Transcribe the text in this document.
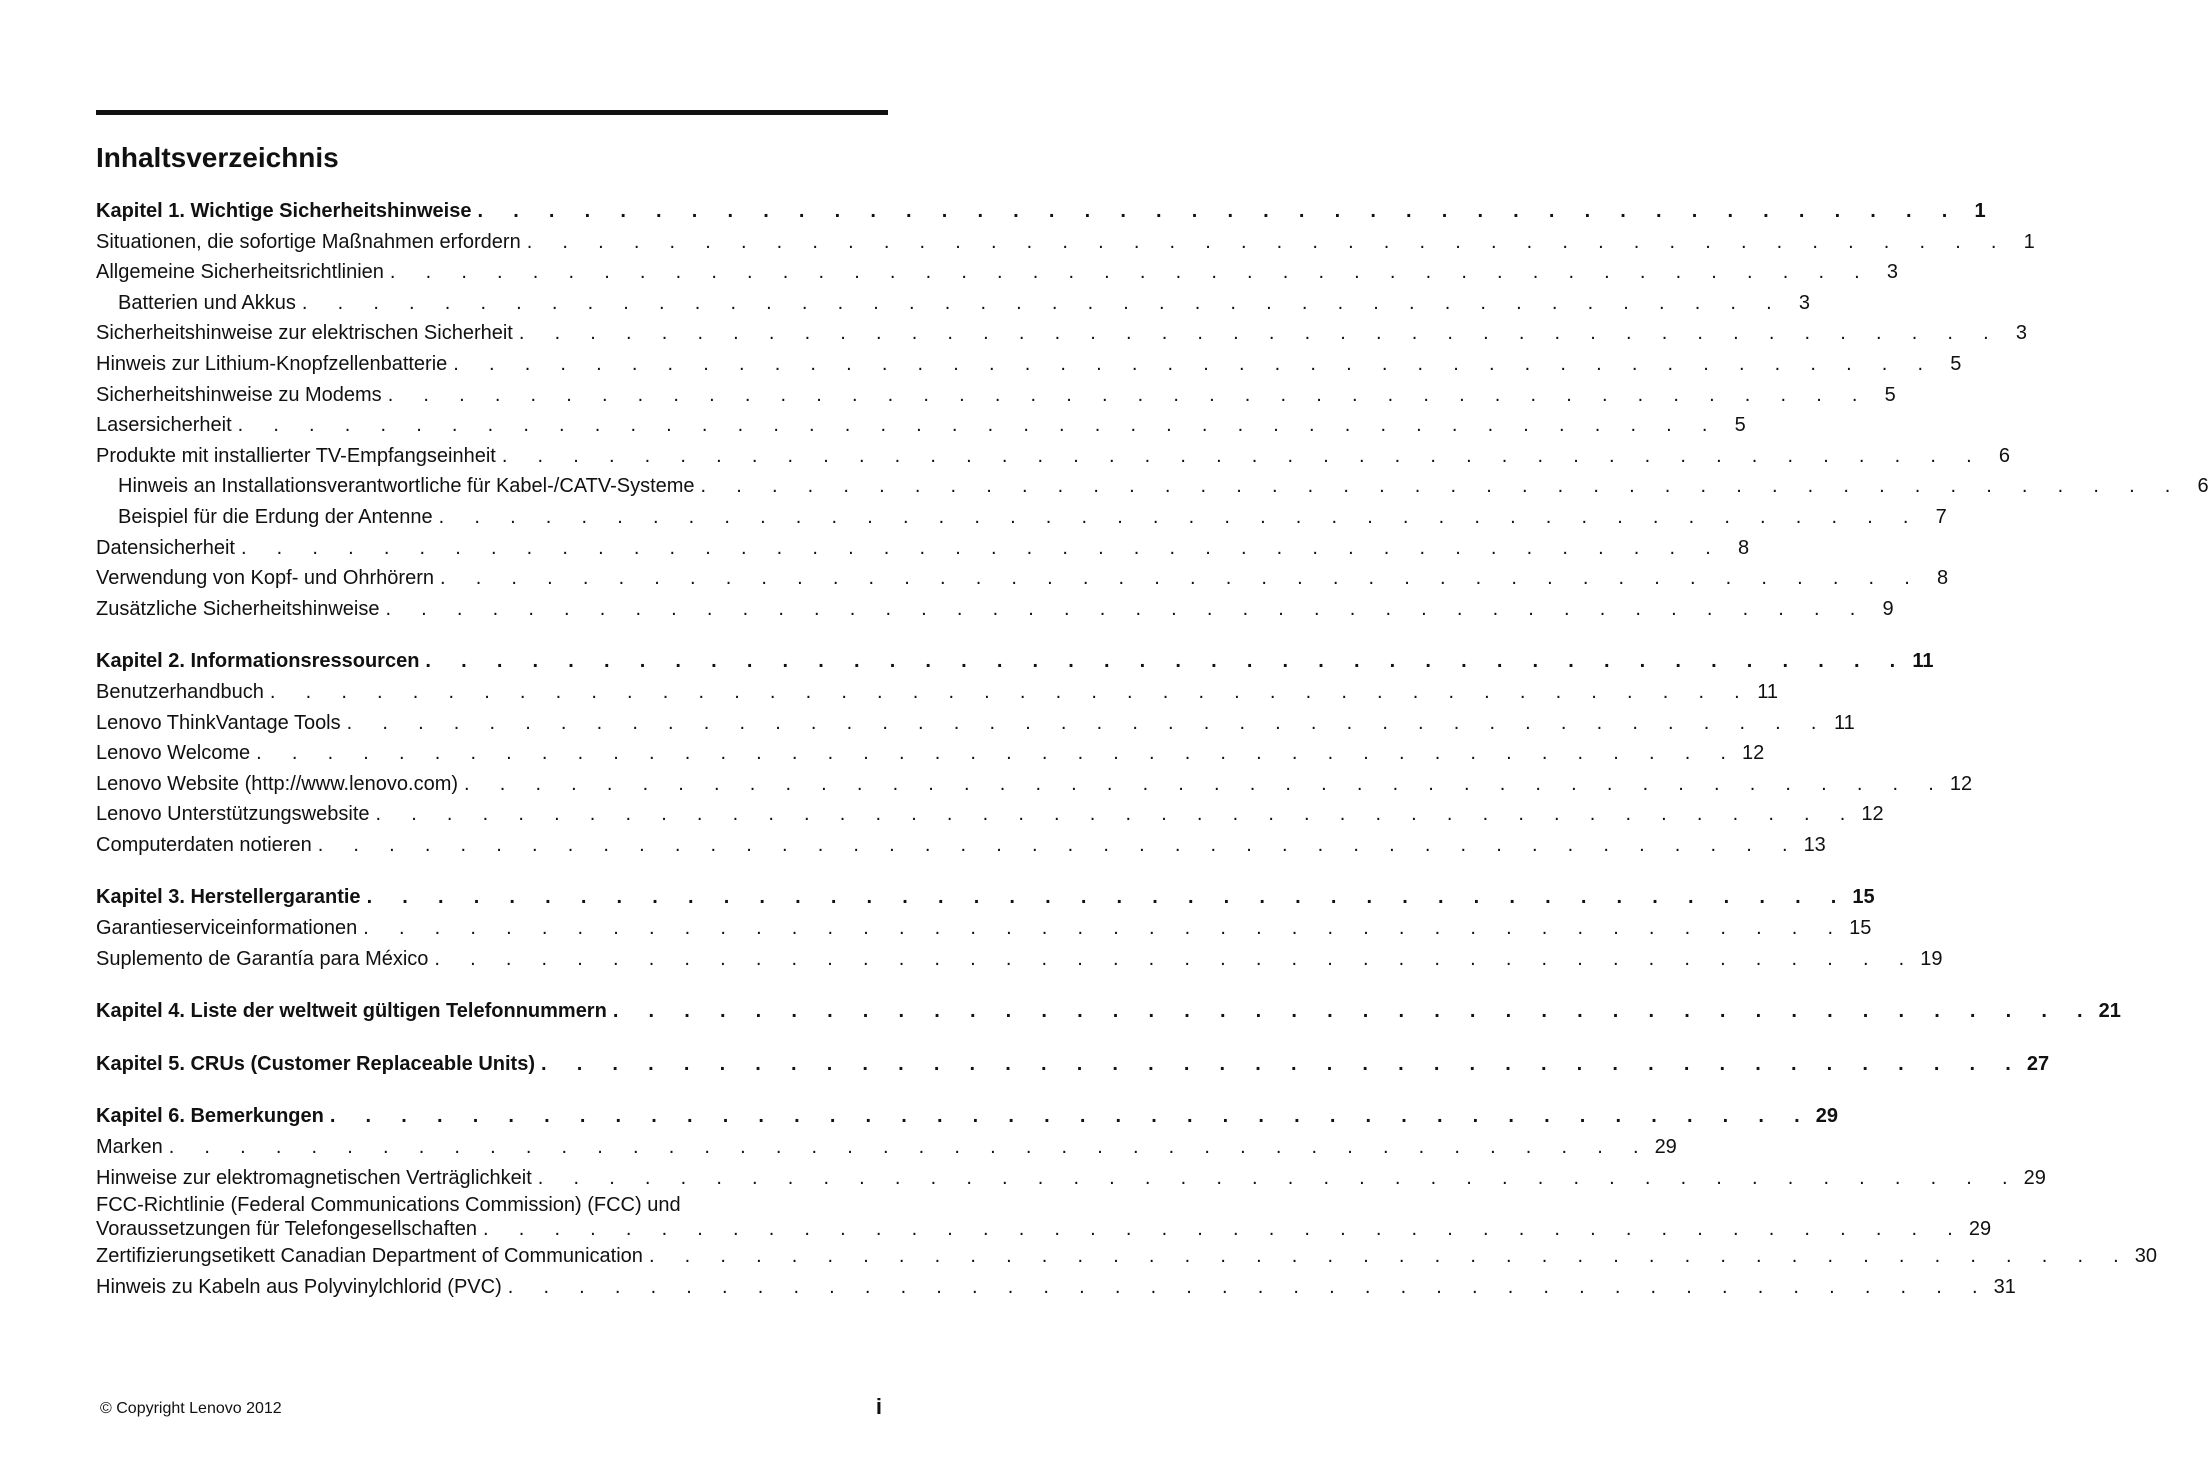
Inhaltsverzeichnis
Kapitel 1. Wichtige Sicherheitshinweise . . . . . . . . . . . . . . . . . . . . . . . . . . . . . . . . . . . . . . . . . . 1
Situationen, die sofortige Maßnahmen erfordern . . . . . . . . . . . . . . . . . . . . . . . . . . . . . . . . . . . . . . . . . . 1
Allgemeine Sicherheitsrichtlinien . . . . . . . . . . . . . . . . . . . . . . . . . . . . . . . . . . . . . . . . . . 3
Batterien und Akkus . . . . . . . . . . . . . . . . . . . . . . . . . . . . . . . . . . . . . . . . . . 3
Sicherheitshinweise zur elektrischen Sicherheit . . . . . . . . . . . . . . . . . . . . . . . . . . . . . . . . . . . . . . . . . . 3
Hinweis zur Lithium-Knopfzellenbatterie . . . . . . . . . . . . . . . . . . . . . . . . . . . . . . . . . . . . . . . . . . 5
Sicherheitshinweise zu Modems . . . . . . . . . . . . . . . . . . . . . . . . . . . . . . . . . . . . . . . . . . 5
Lasersicherheit . . . . . . . . . . . . . . . . . . . . . . . . . . . . . . . . . . . . . . . . . . 5
Produkte mit installierter TV-Empfangseinheit . . . . . . . . . . . . . . . . . . . . . . . . . . . . . . . . . . . . . . . . . . 6
Hinweis an Installationsverantwortliche für Kabel-/CATV-Systeme . . . . . . . . . . . . . . . . . . . . . . . . . . . . . . . . . . . . . . . . . . 6
Beispiel für die Erdung der Antenne . . . . . . . . . . . . . . . . . . . . . . . . . . . . . . . . . . . . . . . . . . 7
Datensicherheit . . . . . . . . . . . . . . . . . . . . . . . . . . . . . . . . . . . . . . . . . . 8
Verwendung von Kopf- und Ohrhörern . . . . . . . . . . . . . . . . . . . . . . . . . . . . . . . . . . . . . . . . . . 8
Zusätzliche Sicherheitshinweise . . . . . . . . . . . . . . . . . . . . . . . . . . . . . . . . . . . . . . . . . . 9
Kapitel 2. Informationsressourcen . . . . . . . . . . . . . . . . . . . . . . . . . . . . . . . . . . . . . . . . . . 11
Benutzerhandbuch . . . . . . . . . . . . . . . . . . . . . . . . . . . . . . . . . . . . . . . . . . 11
Lenovo ThinkVantage Tools . . . . . . . . . . . . . . . . . . . . . . . . . . . . . . . . . . . . . . . . . . 11
Lenovo Welcome . . . . . . . . . . . . . . . . . . . . . . . . . . . . . . . . . . . . . . . . . . 12
Lenovo Website (http://www.lenovo.com) . . . . . . . . . . . . . . . . . . . . . . . . . . . . . . . . . . . . . . . . . . 12
Lenovo Unterstützungswebsite . . . . . . . . . . . . . . . . . . . . . . . . . . . . . . . . . . . . . . . . . . 12
Computerdaten notieren . . . . . . . . . . . . . . . . . . . . . . . . . . . . . . . . . . . . . . . . . . 13
Kapitel 3. Herstellergarantie . . . . . . . . . . . . . . . . . . . . . . . . . . . . . . . . . . . . . . . . . . 15
Garantieserviceinformationen . . . . . . . . . . . . . . . . . . . . . . . . . . . . . . . . . . . . . . . . . . 15
Suplemento de Garantía para México . . . . . . . . . . . . . . . . . . . . . . . . . . . . . . . . . . . . . . . . . . 19
Kapitel 4. Liste der weltweit gültigen Telefonnummern . . . . . . . . . . . . . . . . . . . . . . . . . . . . . . . . . . . . . . . . . . 21
Kapitel 5. CRUs (Customer Replaceable Units) . . . . . . . . . . . . . . . . . . . . . . . . . . . . . . . . . . . . . . . . . . 27
Kapitel 6. Bemerkungen . . . . . . . . . . . . . . . . . . . . . . . . . . . . . . . . . . . . . . . . . . 29
Marken . . . . . . . . . . . . . . . . . . . . . . . . . . . . . . . . . . . . . . . . . . 29
Hinweise zur elektromagnetischen Verträglichkeit . . . . . . . . . . . . . . . . . . . . . . . . . . . . . . . . . . . . . . . . . . 29
FCC-Richtlinie (Federal Communications Commission) (FCC) und
Voraussetzungen für Telefongesellschaften . . . . . . . . . . . . . . . . . . . . . . . . . . . . . . . . . . . . . . . . . . 29
Zertifizierungsetikett Canadian Department of Communication . . . . . . . . . . . . . . . . . . . . . . . . . . . . . . . . . . . . . . . . . . 30
Hinweis zu Kabeln aus Polyvinylchlorid (PVC) . . . . . . . . . . . . . . . . . . . . . . . . . . . . . . . . . . . . . . . . . . 31
© Copyright Lenovo 2012	i
